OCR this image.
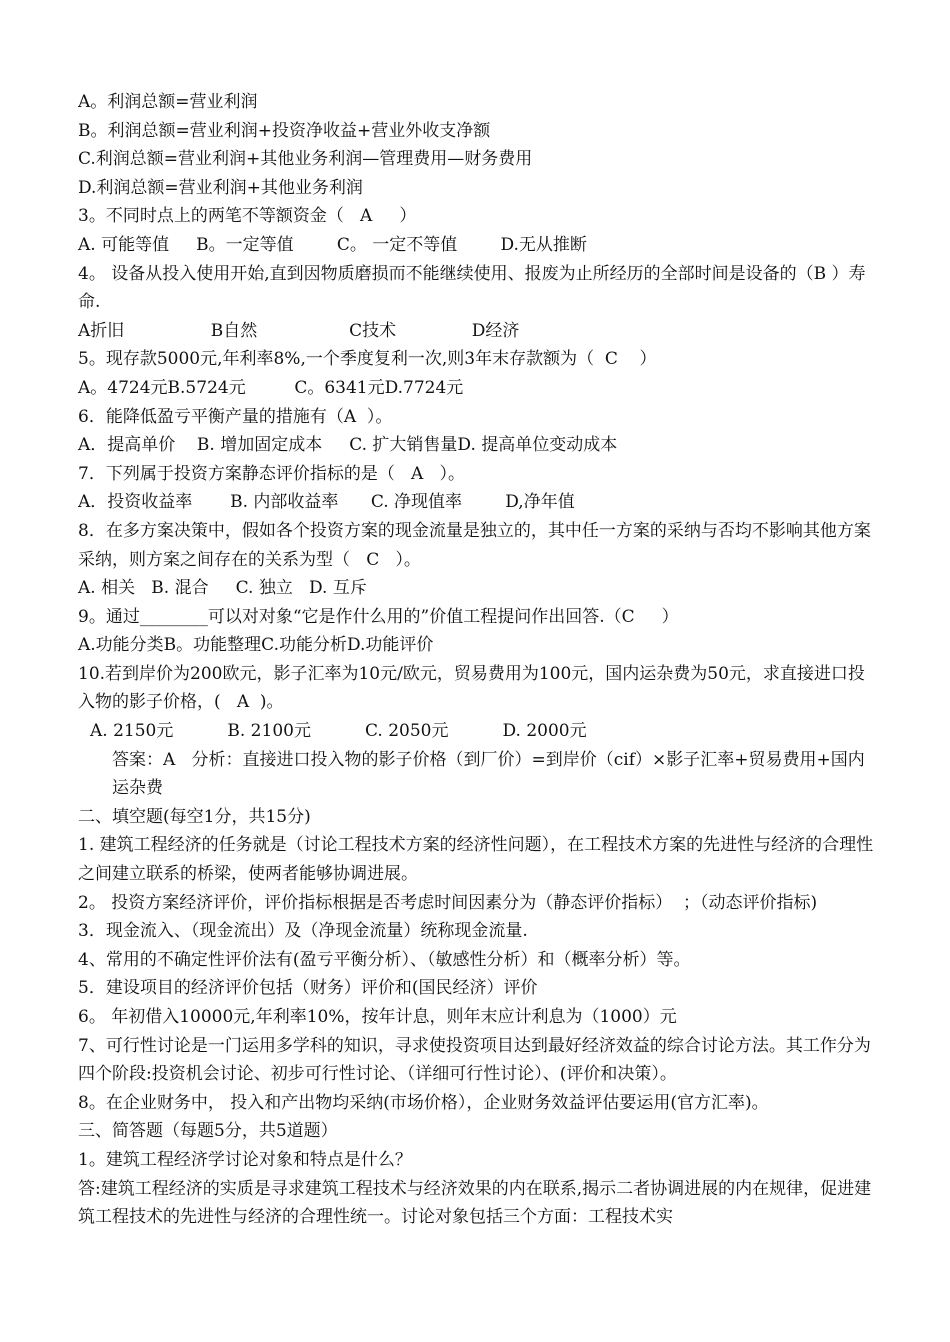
A。利润总额=营业利润
B。利润总额=营业利润+投资净收益+营业外收支净额
C.利润总额=营业利润+其他业务利润—管理费用—财务费用
D.利润总额=营业利润+其他业务利润
3。不同时点上的两笔不等额资金（   A     ）
A. 可能等值     B。一定等值        C。 一定不等值        D.无从推断
4。 设备从投入使用开始,直到因物质磨损而不能继续使用、报废为止所经历的全部时间是设备的（B ）寿命.
A折旧                B自然                 C技术              D经济
5。现存款5000元,年利率8%,一个季度复利一次,则3年末存款额为（  C    ）
A。4724元B.5724元         C。6341元D.7724元
6．能降低盈亏平衡产量的措施有（A  ）。
A．提高单价    B. 增加固定成本     C. 扩大销售量D. 提高单位变动成本
7．下列属于投资方案静态评价指标的是（   A   ）。
A．投资收益率       B. 内部收益率      C. 净现值率        D,净年值
8．在多方案决策中，假如各个投资方案的现金流量是独立的，其中任一方案的采纳与否均不影响其他方案采纳，则方案之间存在的关系为型（   C   ）。
A. 相关   B. 混合     C. 独立   D. 互斥
9。通过________可以对对象“它是作什么用的”价值工程提问作出回答.（C     ）
A.功能分类B。功能整理C.功能分析D.功能评价
10.若到岸价为200欧元，影子汇率为10元/欧元，贸易费用为100元，国内运杂费为50元，求直接进口投入物的影子价格，(   A  )。
A. 2150元          B. 2100元          C. 2050元          D. 2000元
答案：A   分析：直接进口投入物的影子价格（到厂价）=到岸价（cif）×影子汇率+贸易费用+国内运杂费
二、填空题(每空1分，共15分)
1. 建筑工程经济的任务就是（讨论工程技术方案的经济性问题），在工程技术方案的先进性与经济的合理性之间建立联系的桥梁，使两者能够协调进展。
2。 投资方案经济评价，评价指标根据是否考虑时间因素分为（静态评价指标）  ；（动态评价指标)
3．现金流入、（现金流出）及（净现金流量）统称现金流量.
4、常用的不确定性评价法有(盈亏平衡分析）、（敏感性分析）和（概率分析）等。
5．建设项目的经济评价包括（财务）评价和(国民经济）评价
6。 年初借入10000元,年利率10%，按年计息，则年末应计利息为（1000）元
7、可行性讨论是一门运用多学科的知识，寻求使投资项目达到最好经济效益的综合讨论方法。其工作分为四个阶段:投资机会讨论、初步可行性讨论、（详细可行性讨论）、(评价和决策）。
8。在企业财务中， 投入和产出物均采纳(市场价格），企业财务效益评估要运用(官方汇率)。
三、简答题（每题5分，共5道题）
1。建筑工程经济学讨论对象和特点是什么？
答:建筑工程经济的实质是寻求建筑工程技术与经济效果的内在联系,揭示二者协调进展的内在规律，促进建筑工程技术的先进性与经济的合理性统一。讨论对象包括三个方面：工程技术实
